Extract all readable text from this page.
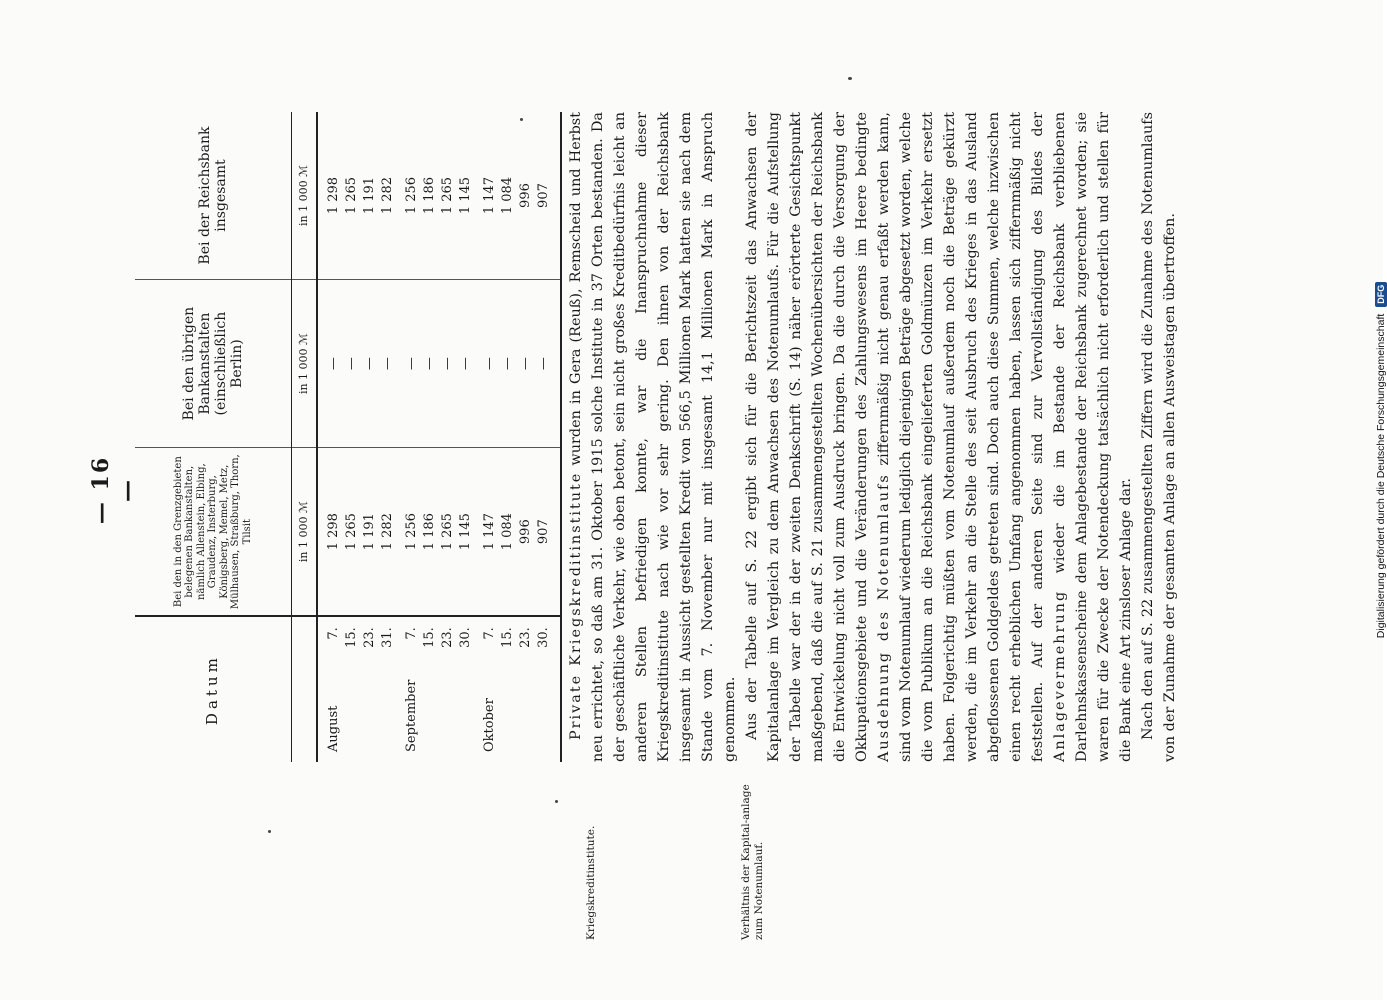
— 16 —
Datum		Bei den in den Grenzgebieten belegenen Bankanstalten, nämlich Allenstein, Elbing, Graudenz, Insterburg, Königsberg, Memel, Metz, Mülhausen, Straßburg, Thorn, Tilsit	Bei den übrigen Bankanstalten (einschließlich Berlin)	Bei der Reichsbank insgesamt
		in 1 000 ℳ	in 1 000 ℳ	in 1 000 ℳ

August	7.	1 298	—	1 298
	15.	1 265	—	1 265
	23.	1 191	—	1 191
	31.	1 282	—	1 282

September	7.	1 256	—	1 256
	15.	1 186	—	1 186
	23.	1 265	—	1 265
	30.	1 145	—	1 145

Oktober	7.	1 147	—	1 147
	15.	1 084	—	1 084
	23.	996	—	996
	30.	907	—	907
Kriegskreditinstitute.	Verhältnis der Kapital-anlage zum Notenumlauf.

Private Kriegskreditinstitute wurden in Gera (Reuß), Remscheid und Herbst neu errichtet, so daß am 31. Oktober 1915 solche Institute in 37 Orten bestanden. Da der geschäftliche Verkehr, wie oben betont, sein nicht großes Kreditbedürfnis leicht an anderen Stellen befriedigen konnte, war die Inanspruchnahme dieser Kriegskreditinstitute nach wie vor sehr gering. Den ihnen von der Reichsbank insgesamt in Aussicht gestellten Kredit von 566,5 Millionen Mark hatten sie nach dem Stande vom 7. November nur mit insgesamt 14,1 Millionen Mark in Anspruch genommen. Aus der Tabelle auf S. 22 ergibt sich für die Berichtszeit das Anwachsen der Kapitalanlage im Vergleich zu dem Anwachsen des Notenumlaufs. Für die Aufstellung der Tabelle war der in der zweiten Denkschrift (S. 14) näher erörterte Gesichtspunkt maßgebend, daß die auf S. 21 zusammengestellten Wochenübersichten der Reichsbank die Entwickelung nicht voll zum Ausdruck bringen. Da die durch die Versorgung der Okkupationsgebiete und die Veränderungen des Zahlungswesens im Heere bedingte Ausdehnung des Notenumlaufs ziffernmäßig nicht genau erfaßt werden kann, sind vom Notenumlauf wiederum lediglich diejenigen Beträge abgesetzt worden, welche die vom Publikum an die Reichsbank eingelieferten Goldmünzen im Verkehr ersetzt haben. Folgerichtig müßten vom Notenumlauf außerdem noch die Beträge gekürzt werden, die im Verkehr an die Stelle des seit Ausbruch des Krieges in das Ausland abgeflossenen Goldgeldes getreten sind. Doch auch diese Summen, welche inzwischen einen recht erheblichen Umfang angenommen haben, lassen sich ziffernmäßig nicht feststellen. Auf der anderen Seite sind zur Vervollständigung des Bildes der Anlagevermehrung wieder die im Bestande der Reichsbank verbliebenen Darlehnskassenscheine dem Anlagebestande der Reichsbank zugerechnet worden; sie waren für die Zwecke der Notendeckung tatsächlich nicht erforderlich und stellen für die Bank eine Art zinsloser Anlage dar. Nach den auf S. 22 zusammengestellten Ziffern wird die Zunahme des Notenumlaufs von der Zunahme der gesamten Anlage an allen Ausweistagen übertroffen.	Digitalisierung gefördert durch die Deutsche Forschungsgemeinschaft DFG
